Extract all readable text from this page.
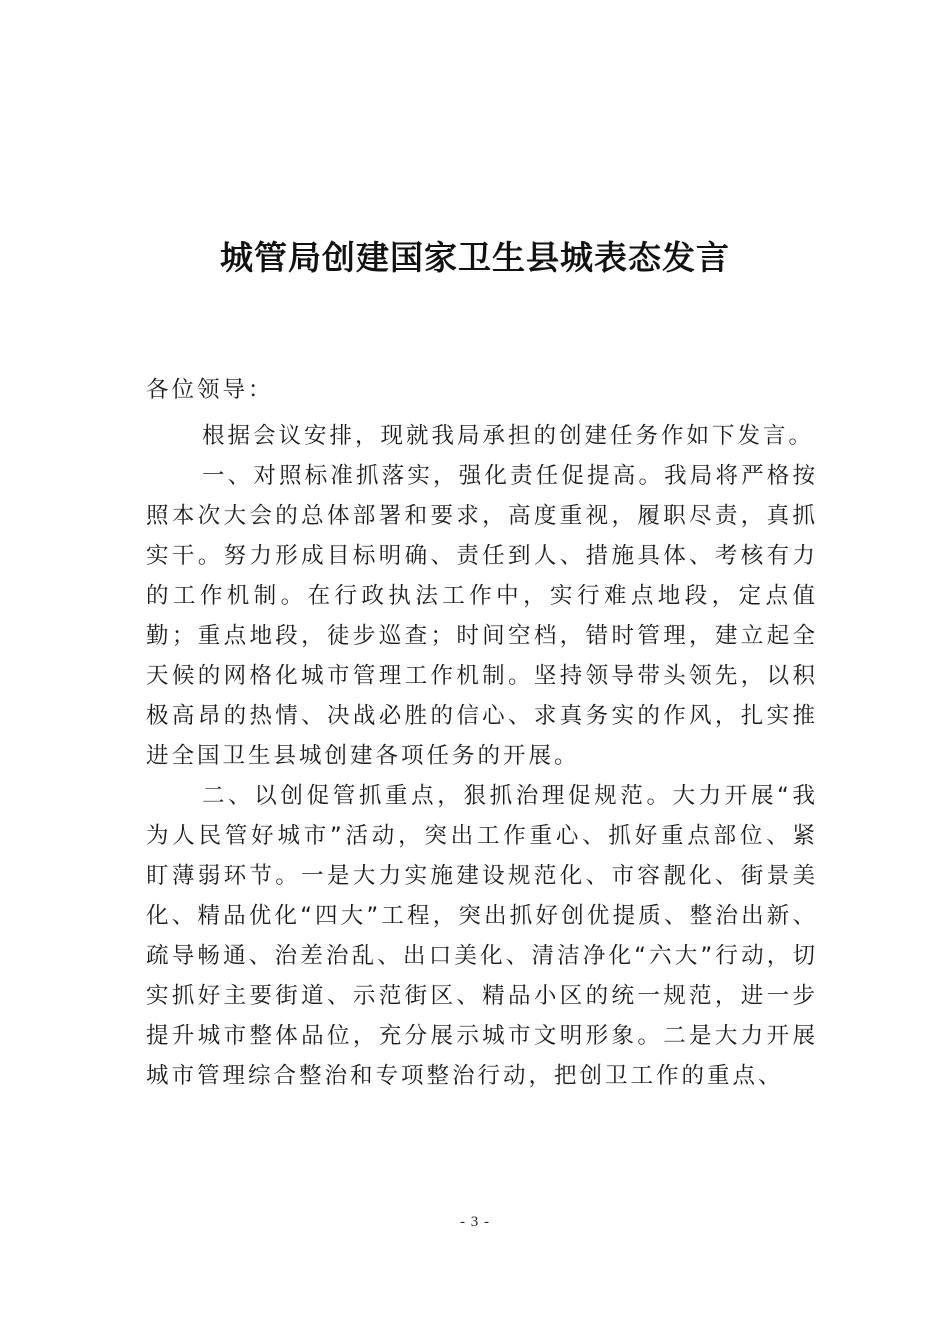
城管局创建国家卫生县城表态发言

各位领导：

根据会议安排，现就我局承担的创建任务作如下发言。

一、对照标准抓落实，强化责任促提高。我局将严格按照本次大会的总体部署和要求，高度重视，履职尽责，真抓实干。努力形成目标明确、责任到人、措施具体、考核有力的工作机制。在行政执法工作中，实行难点地段，定点值勤；重点地段，徒步巡查；时间空档，错时管理，建立起全天候的网格化城市管理工作机制。坚持领导带头领先，以积极高昂的热情、决战必胜的信心、求真务实的作风，扎实推进全国卫生县城创建各项任务的开展。

二、以创促管抓重点，狠抓治理促规范。大力开展“我为人民管好城市”活动，突出工作重心、抓好重点部位、紧盯薄弱环节。一是大力实施建设规范化、市容靓化、街景美化、精品优化“四大”工程，突出抓好创优提质、整治出新、疏导畅通、治差治乱、出口美化、清洁净化“六大”行动，切实抓好主要街道、示范街区、精品小区的统一规范，进一步提升城市整体品位，充分展示城市文明形象。二是大力开展城市管理综合整治和专项整治行动，把创卫工作的重点、

- 3 -
